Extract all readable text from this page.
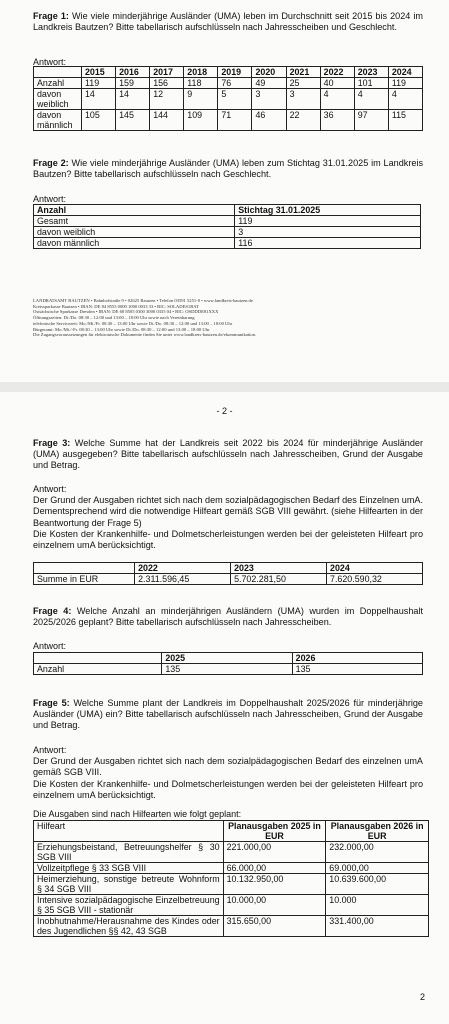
Frage 1: Wie viele minderjährige Ausländer (UMA) leben im Durchschnitt seit 2015 bis 2024 im Landkreis Bautzen? Bitte tabellarisch aufschlüsseln nach Jahresscheiben und Geschlecht.
Antwort:
	2015	2016	2017	2018	2019	2020	2021	2022	2023	2024
Anzahl	119	159	156	118	76	49	25	40	101	119
davon weiblich	14	14	12	9	5	3	3	4	4	4
davon männlich	105	145	144	109	71	46	22	36	97	115
Frage 2: Wie viele minderjährige Ausländer (UMA) leben zum Stichtag 31.01.2025 im Landkreis Bautzen? Bitte tabellarisch aufschlüsseln nach Geschlecht.
Antwort:
Anzahl	Stichtag 31.01.2025
Gesamt	119
davon weiblich	3
davon männlich	116
LANDRATSAMT BAUTZEN • Bahnhofstraße 9 • 02625 Bautzen • Telefon 03591 5251-0 • www.landkreis-bautzen.de
Kreissparkasse Bautzen • IBAN: DE 84 8555 0000 1000 0033 33 • BIC: SOLADES1BAT
Ostsächsische Sparkasse Dresden • IBAN: DE 68 8505 0300 3000 0335 04 • BIC: OSDDDE81XXX
Öffnungszeiten: Di./Do. 08:30 – 12:00 und 13:00 – 18:00 Uhr sowie nach Vereinbarung
telefonische Servicezeit: Mo./Mi./Fr. 08:30 – 13:00 Uhr sowie Di./Do. 08:30 – 12:00 und 13:00 – 18:00 Uhr
Bürgeramt: Mo./Mi./-Fr. 08:30 – 13:00 Uhr sowie Di./Do. 08:30 – 12:00 und 13:00 – 18:00 Uhr
Die Zugangsvoraussetzungen für elektronische Dokumente finden Sie unter www.landkreis-bautzen.de/ekommunikation.
- 2 -
Frage 3: Welche Summe hat der Landkreis seit 2022 bis 2024 für minderjährige Ausländer (UMA) ausgegeben? Bitte tabellarisch aufschlüsseln nach Jahresscheiben, Grund der Ausgabe und Betrag.
Antwort:
Der Grund der Ausgaben richtet sich nach dem sozialpädagogischen Bedarf des Einzelnen umA. Dementsprechend wird die notwendige Hilfeart gemäß SGB VIII gewährt. (siehe Hilfearten in der Beantwortung der Frage 5)
Die Kosten der Krankenhilfe- und Dolmetscherleistungen werden bei der geleisteten Hilfeart pro einzelnem umA berücksichtigt.
	2022	2023	2024
Summe in EUR	2.311.596,45	5.702.281,50	7.620.590,32
Frage 4: Welche Anzahl an minderjährigen Ausländern (UMA) wurden im Doppelhaushalt 2025/2026 geplant? Bitte tabellarisch aufschlüsseln nach Jahresscheiben.
Antwort:
	2025	2026
Anzahl	135	135
Frage 5: Welche Summe plant der Landkreis im Doppelhaushalt 2025/2026 für minderjährige Ausländer (UMA) ein? Bitte tabellarisch aufschlüsseln nach Jahresscheiben, Grund der Ausgabe und Betrag.
Antwort:
Der Grund der Ausgaben richtet sich nach dem sozialpädagogischen Bedarf des einzelnen umA gemäß SGB VIII.
Die Kosten der Krankenhilfe- und Dolmetscherleistungen werden bei der geleisteten Hilfeart pro einzelnem umA berücksichtigt.
Die Ausgaben sind nach Hilfearten wie folgt geplant:
Hilfeart	Planausgaben 2025 in EUR	Planausgaben 2026 in EUR
Erziehungsbeistand, Betreuungshelfer § 30 SGB VIII	221.000,00	232.000,00
Vollzeitpflege § 33 SGB VIII	66.000,00	69.000,00
Heimerziehung, sonstige betreute Wohnform § 34 SGB VIII	10.132.950,00	10.639.600,00
Intensive sozialpädagogische Einzelbetreuung § 35 SGB VIII - stationär	10.000,00	10.000
Inobhutnahme/Herausnahme des Kindes oder des Jugendlichen §§ 42, 43 SGB	315.650,00	331.400,00
2
